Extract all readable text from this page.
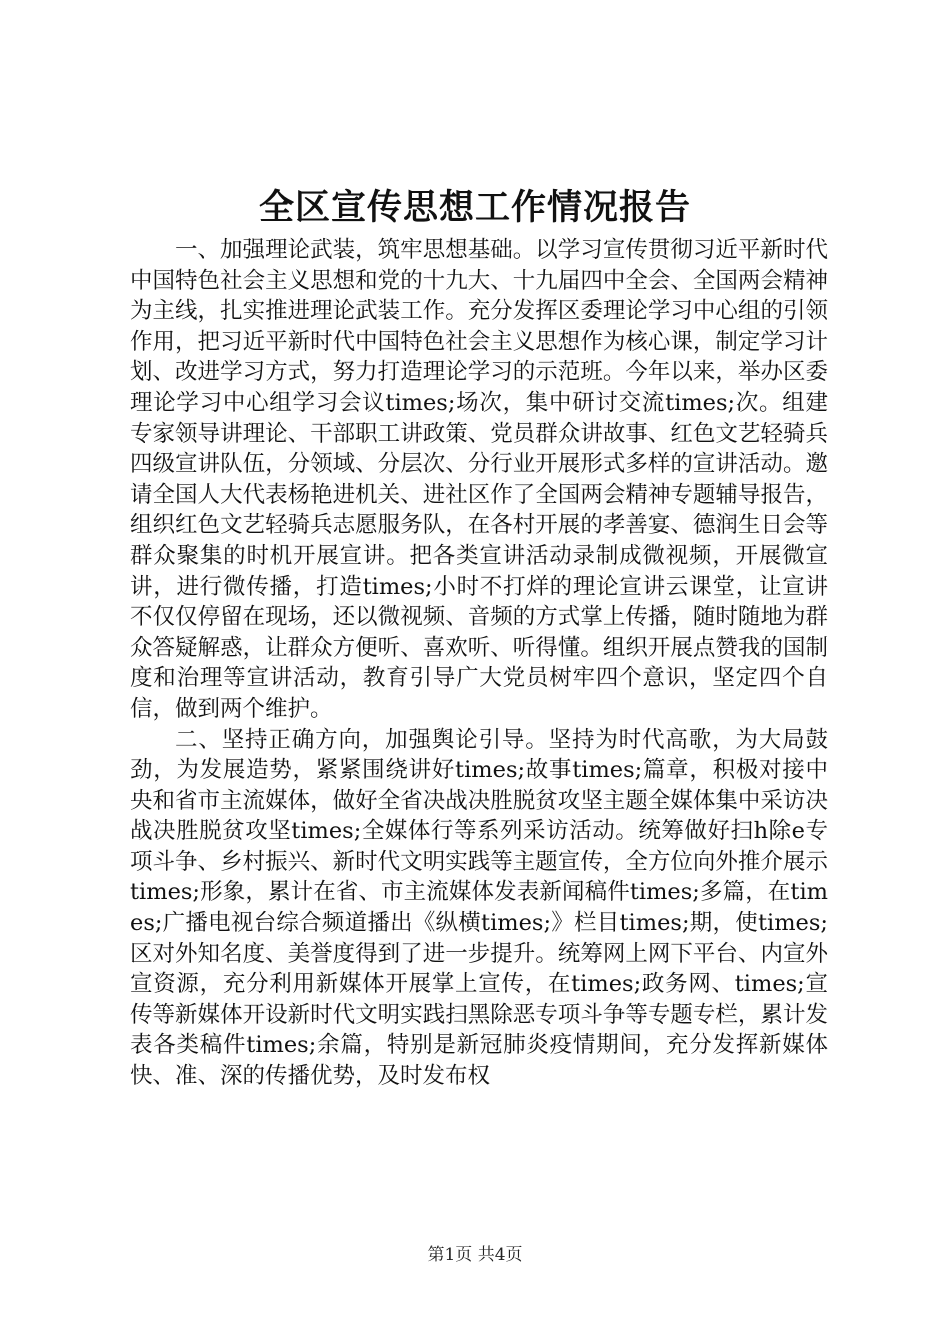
全区宣传思想工作情况报告

一、加强理论武装，筑牢思想基础。以学习宣传贯彻习近平新时代中国特色社会主义思想和党的十九大、十九届四中全会、全国两会精神为主线，扎实推进理论武装工作。充分发挥区委理论学习中心组的引领作用，把习近平新时代中国特色社会主义思想作为核心课，制定学习计划、改进学习方式，努力打造理论学习的示范班。今年以来，举办区委理论学习中心组学习会议times;场次，集中研讨交流times;次。组建专家领导讲理论、干部职工讲政策、党员群众讲故事、红色文艺轻骑兵四级宣讲队伍，分领域、分层次、分行业开展形式多样的宣讲活动。邀请全国人大代表杨艳进机关、进社区作了全国两会精神专题辅导报告，组织红色文艺轻骑兵志愿服务队，在各村开展的孝善宴、德润生日会等群众聚集的时机开展宣讲。把各类宣讲活动录制成微视频，开展微宣讲，进行微传播，打造times;小时不打烊的理论宣讲云课堂，让宣讲不仅仅停留在现场，还以微视频、音频的方式掌上传播，随时随地为群众答疑解惑，让群众方便听、喜欢听、听得懂。组织开展点赞我的国制度和治理等宣讲活动，教育引导广大党员树牢四个意识，坚定四个自信，做到两个维护。

二、坚持正确方向，加强舆论引导。坚持为时代高歌，为大局鼓劲，为发展造势，紧紧围绕讲好times;故事times;篇章，积极对接中央和省市主流媒体，做好全省决战决胜脱贫攻坚主题全媒体集中采访决战决胜脱贫攻坚times;全媒体行等系列采访活动。统筹做好扫h除e专项斗争、乡村振兴、新时代文明实践等主题宣传，全方位向外推介展示times;形象，累计在省、市主流媒体发表新闻稿件times;多篇，在times;广播电视台综合频道播出《纵横times;》栏目times;期，使times;区对外知名度、美誉度得到了进一步提升。统筹网上网下平台、内宣外宣资源，充分利用新媒体开展掌上宣传，在times;政务网、times;宣传等新媒体开设新时代文明实践扫黑除恶专项斗争等专题专栏，累计发表各类稿件times;余篇，特别是新冠肺炎疫情期间，充分发挥新媒体快、准、深的传播优势，及时发布权

第1页 共4页
